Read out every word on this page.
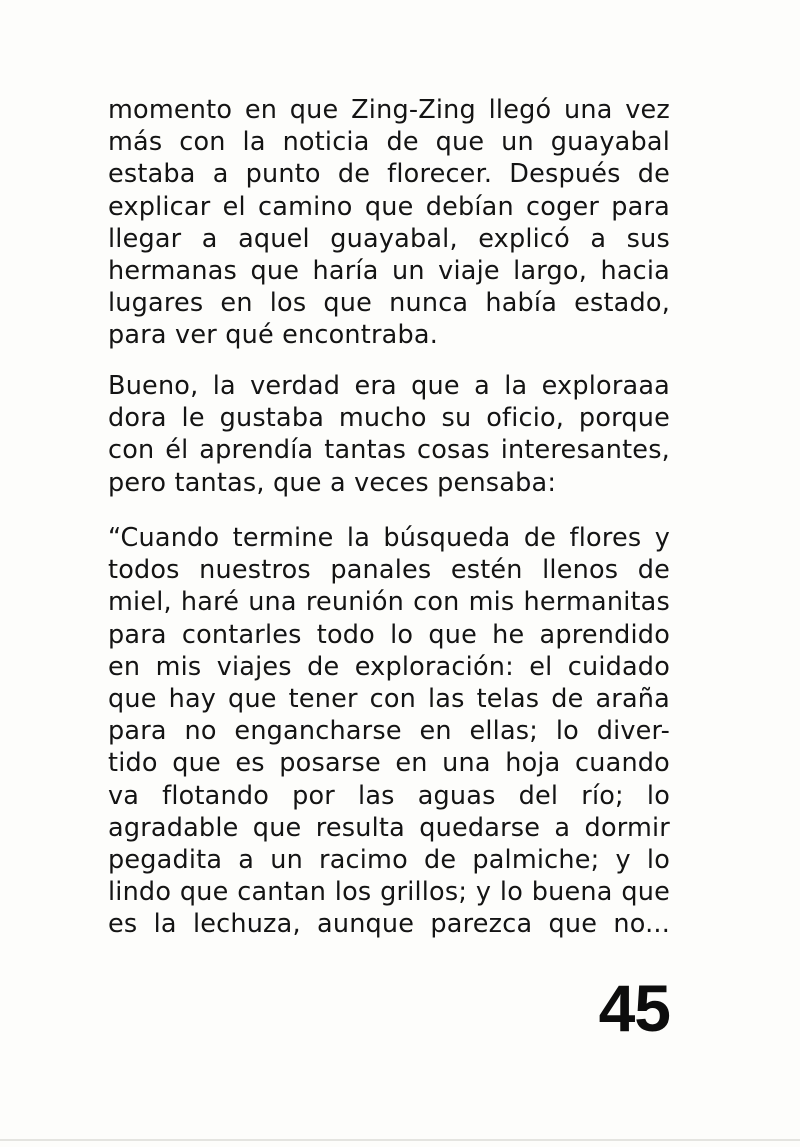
momento en que Zing-Zing llegó una vez
más con la noticia de que un guayabal
estaba a punto de florecer. Después de
explicar el camino que debían coger para
llegar a aquel guayabal, explicó a sus
hermanas que haría un viaje largo, hacia
lugares en los que nunca había estado,
para ver qué encontraba.
Bueno, la verdad era que a la exploraaa
dora le gustaba mucho su oficio, porque
con él aprendía tantas cosas interesantes,
pero tantas, que a veces pensaba:
“Cuando termine la búsqueda de flores y
todos nuestros panales estén llenos de
miel, haré una reunión con mis hermanitas
para contarles todo lo que he aprendido
en mis viajes de exploración: el cuidado
que hay que tener con las telas de araña
para no engancharse en ellas; lo diver-
tido que es posarse en una hoja cuando
va flotando por las aguas del río; lo
agradable que resulta quedarse a dormir
pegadita a un racimo de palmiche; y lo
lindo que cantan los grillos; y lo buena que
es la lechuza, aunque parezca que no...
45
